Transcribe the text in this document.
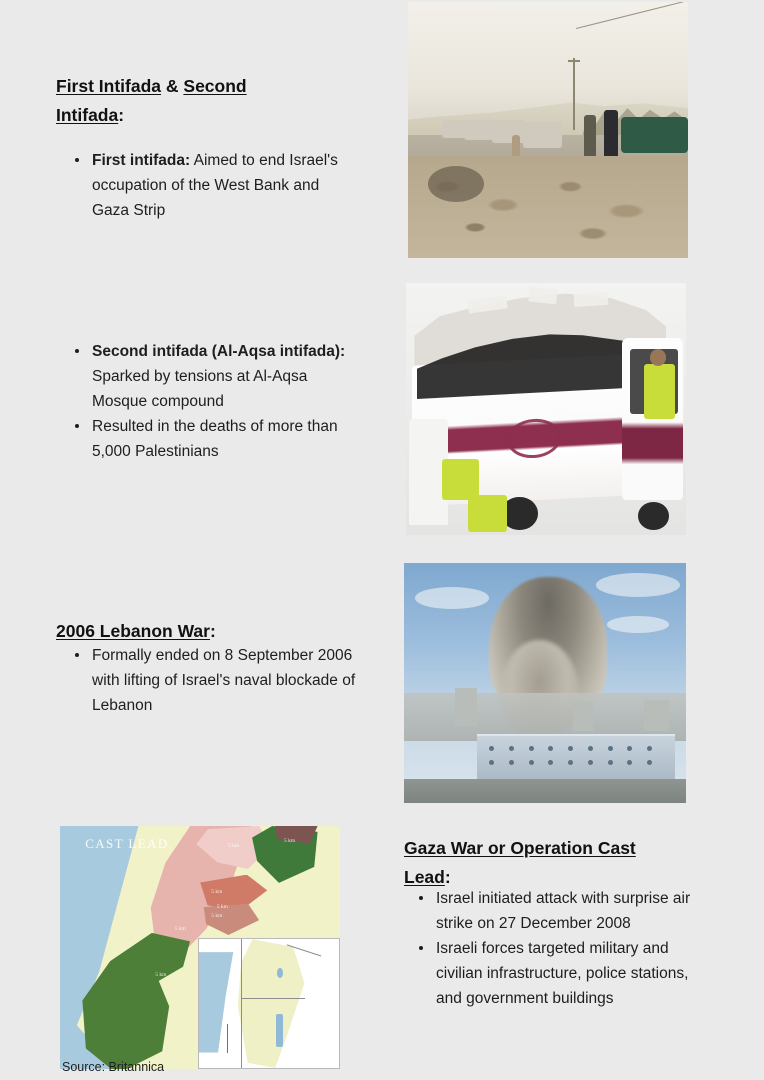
First Intifada & Second
Intifada:
First intifada: Aimed to end Israel's occupation of the West Bank and Gaza Strip
Second intifada (Al-Aqsa intifada): Sparked by tensions at Al-Aqsa Mosque compound
Resulted in the deaths of more than 5,000 Palestinians
2006 Lebanon War:
Formally ended on 8 September 2006 with lifting of Israel's naval blockade of Lebanon
Gaza War or Operation Cast
Lead:
Israel initiated attack with surprise air strike on 27 December 2008
Israeli forces targeted military and civilian infrastructure, police stations, and government buildings
CAST LEAD	5 km
5 km
5 km
5 km
5 km
5 km
5 km
Source: Britannica
